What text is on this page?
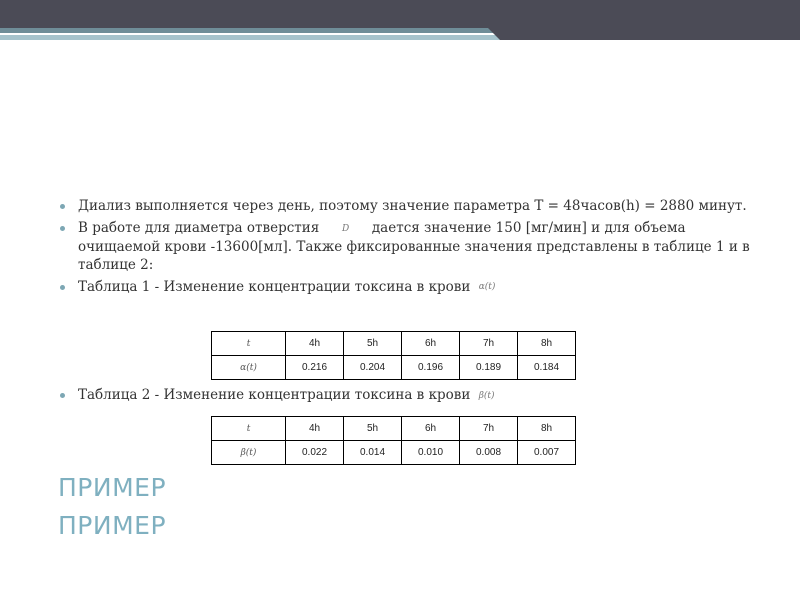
Диализ выполняется через день, поэтому значение параметра T = 48часов(h) = 2880 минут.
В работе для диаметра отверстия	D дается значение 150 [мг/мин] и для объема очищаемой крови -13600[мл]. Также фиксированные значения представлены в таблице 1 и в таблице 2:
Таблица 1 - Изменение концентрации токсина в крови α(t)
t	4h	5h	6h	7h	8h
α(t)	0.216	0.204	0.196	0.189	0.184
Таблица 2 - Изменение концентрации токсина в крови β(t)
t	4h	5h	6h	7h	8h
β(t)	0.022	0.014	0.010	0.008	0.007
ПРИМЕР
ПРИМЕР
